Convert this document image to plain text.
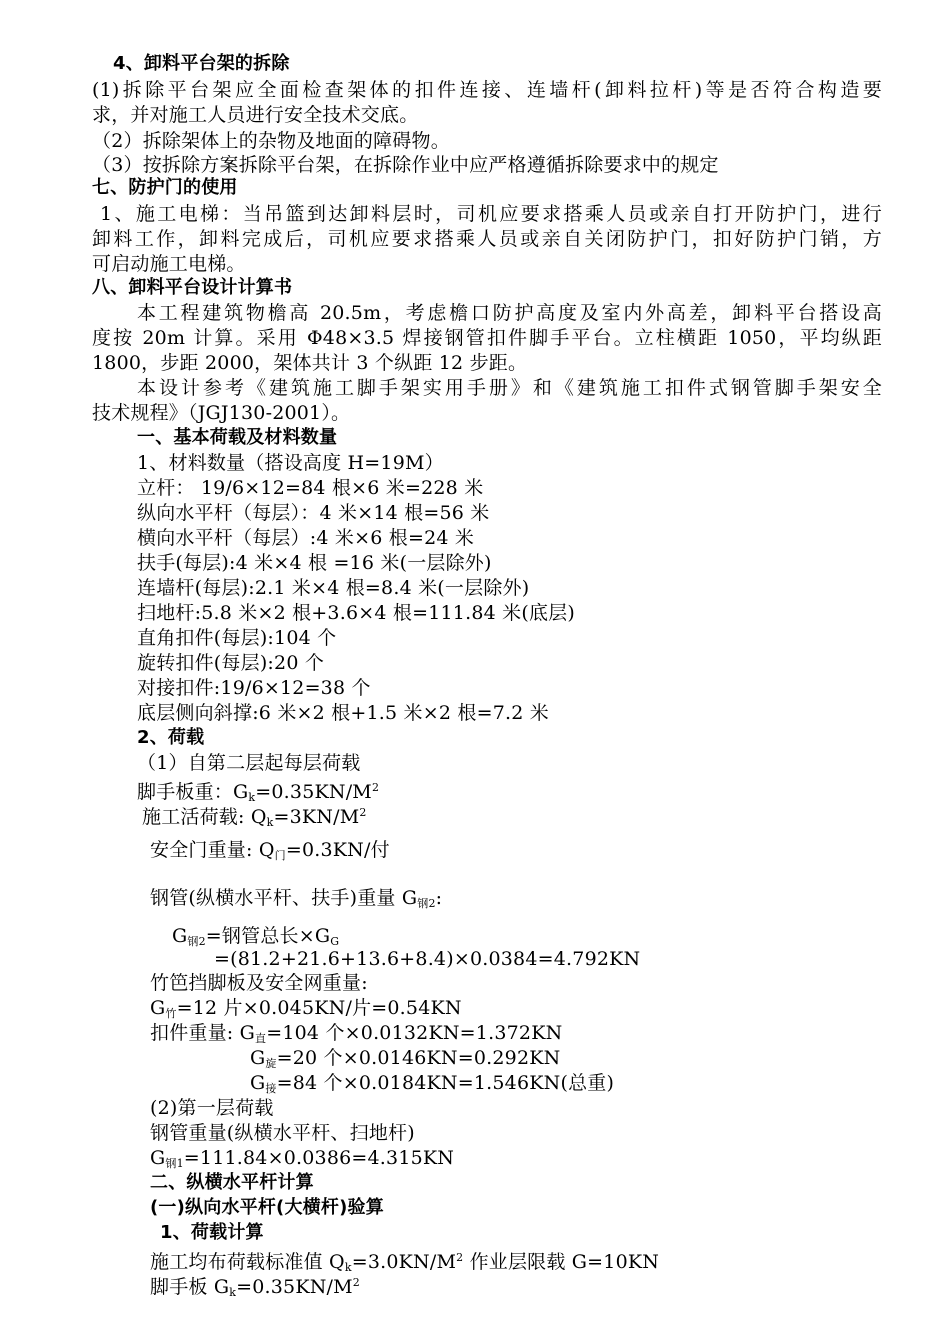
4、卸料平台架的拆除
(1)拆除平台架应全面检查架体的扣件连接、连墙杆(卸料拉杆)等是否符合构造要
求，并对施工人员进行安全技术交底。
（2）拆除架体上的杂物及地面的障碍物。
（3）按拆除方案拆除平台架，在拆除作业中应严格遵循拆除要求中的规定
七、防护门的使用
1、施工电梯：当吊篮到达卸料层时，司机应要求搭乘人员或亲自打开防护门，进行
卸料工作，卸料完成后，司机应要求搭乘人员或亲自关闭防护门，扣好防护门销，方
可启动施工电梯。
八、卸料平台设计计算书
本工程建筑物檐高 20.5m，考虑檐口防护高度及室内外高差，卸料平台搭设高
度按 20m 计算。采用 Φ48×3.5 焊接钢管扣件脚手平台。立柱横距 1050，平均纵距
1800，步距 2000，架体共计 3 个纵距 12 步距。
本设计参考《建筑施工脚手架实用手册》和《建筑施工扣件式钢管脚手架安全
技术规程》（JGJ130-2001）。
一、基本荷载及材料数量
1、材料数量（搭设高度 H=19M）
立杆： 19/6×12=84 根×6 米=228 米
纵向水平杆（每层）：4 米×14 根=56 米
横向水平杆（每层）:4 米×6 根=24 米
扶手(每层):4 米×4 根 =16 米(一层除外)
连墙杆(每层):2.1 米×4 根=8.4 米(一层除外)
扫地杆:5.8 米×2 根+3.6×4 根=111.84 米(底层)
直角扣件(每层):104 个
旋转扣件(每层):20 个
对接扣件:19/6×12=38 个
底层侧向斜撑:6 米×2 根+1.5 米×2 根=7.2 米
2、荷载
（1）自第二层起每层荷载
脚手板重：$G_k=0.35KN/M^2$
施工活荷载: $Q_k=3KN/M^2$
安全门重量: $Q_门=0.3KN/$付
钢管(纵横水平杆、扶手)重量 $G_{钢2}$:
$G_{钢2}=$钢管总长$\times G_G$
=(81.2+21.6+13.6+8.4)×0.0384=4.792KN
竹笆挡脚板及安全网重量:
$G_竹=12$ 片×0.045KN/片=0.54KN
扣件重量: $G_直=104$ 个×0.0132KN=1.372KN
$G_旋=20$ 个×0.0146KN=0.292KN
$G_接=84$ 个×0.0184KN=1.546KN(总重)
(2)第一层荷载
钢管重量(纵横水平杆、扫地杆)
$G_{钢1}=111.84\times 0.0386=4.315KN$
二、纵横水平杆计算
(一)纵向水平杆(大横杆)验算
1、荷载计算
施工均布荷载标准值 $Q_k=3.0KN/M^2$ 作业层限载 G=10KN
脚手板 $G_k=0.35KN/M^2$
